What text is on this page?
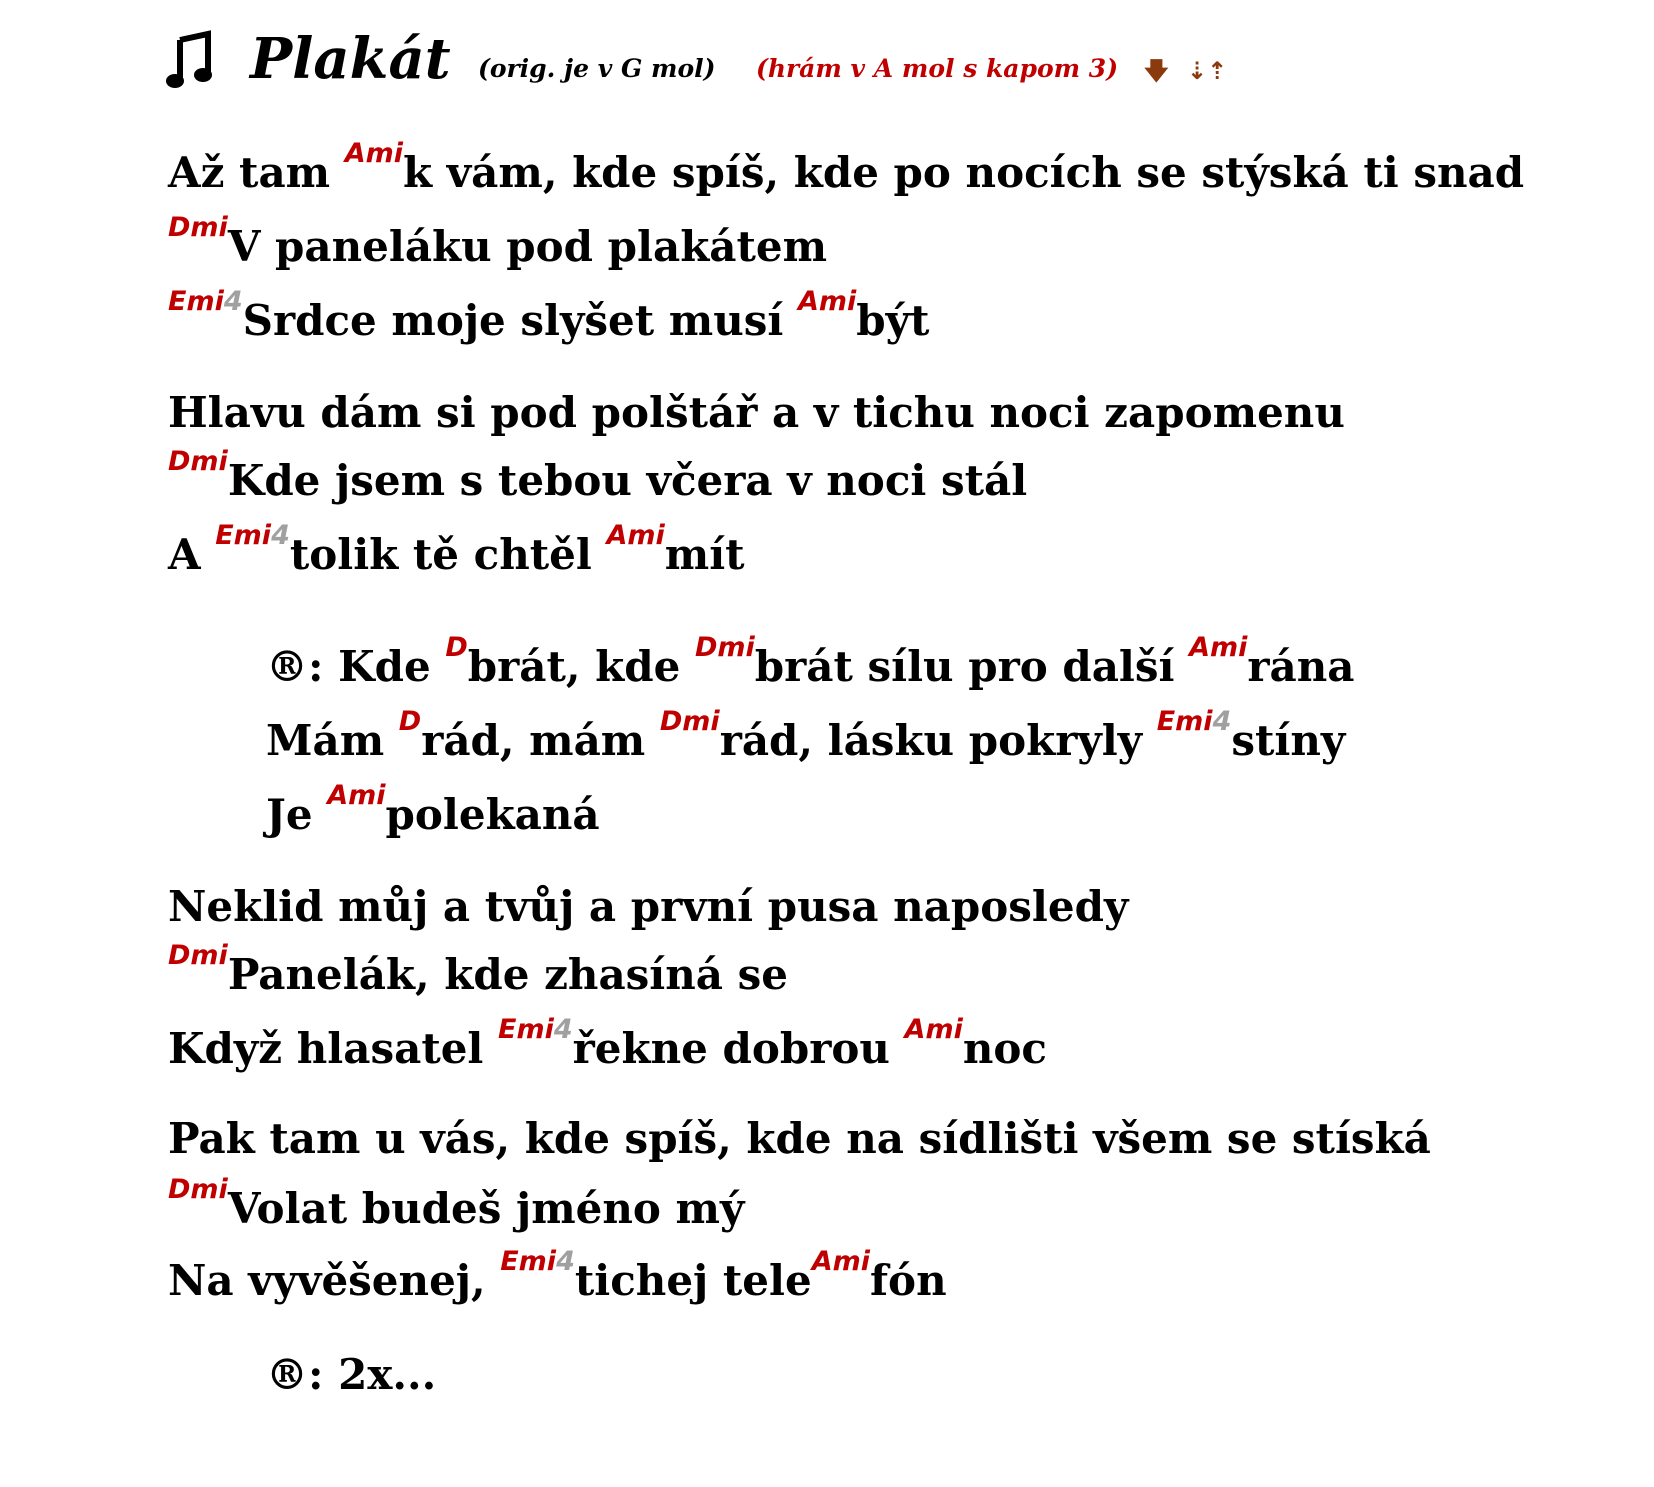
Plakát (orig. je v G mol) (hrám v A mol s kapom 3) 🡇 ⇣⇡
Až tam $^{Ami}$k vám, kde spíš, kde po nocích se stýská ti snad
$^{Dmi}$V paneláku pod plakátem
$^{Emi4}$Srdce moje slyšet musí $^{Ami}$být
Hlavu dám si pod polštář a v tichu noci zapomenu
$^{Dmi}$Kde jsem s tebou včera v noci stál
A $^{Emi4}$tolik tě chtěl $^{Ami}$mít
®: Kde $^D$brát, kde $^{Dmi}$brát sílu pro další $^{Ami}$rána
Mám $^D$rád, mám $^{Dmi}$rád, lásku pokryly $^{Emi4}$stíny
Je $^{Ami}$polekaná
Neklid můj a tvůj a první pusa naposledy
$^{Dmi}$Panelák, kde zhasíná se
Když hlasatel $^{Emi4}$řekne dobrou $^{Ami}$noc
Pak tam u vás, kde spíš, kde na sídlišti všem se stíská
$^{Dmi}$Volat budeš jméno mý
Na vyvěšenej, $^{Emi4}$tichej tele$^{Ami}$fón
®: 2x...
